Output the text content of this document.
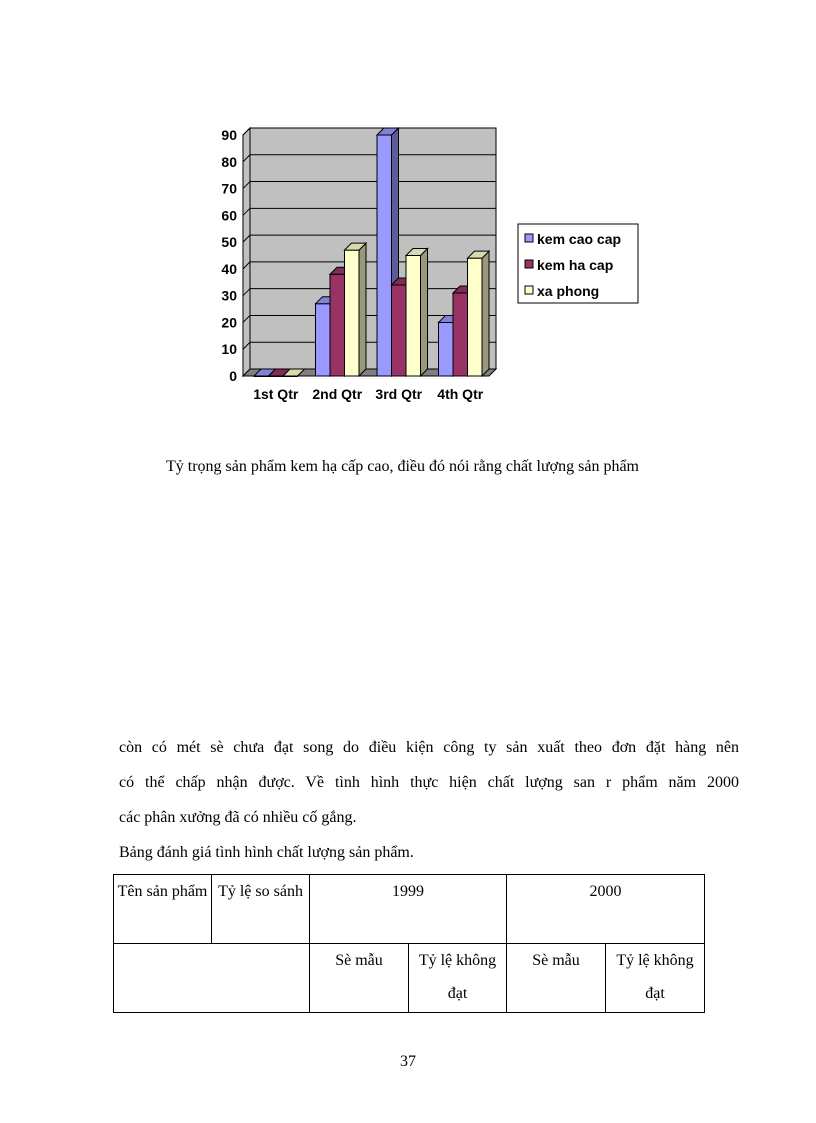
0
10
20
30
40
50
60
70
80
90
1st Qtr 2nd Qtr 3rd Qtr 4th Qtr
kem cao cap
kem ha cap
xa phong
Tỷ trọng sản phẩm kem hạ cấp cao, điều đó nói rằng chất lượng sản phẩm
còn có mét sè chưa đạt song do điều kiện công ty sản xuất theo đơn đặt hàng nên
có thể chấp nhận được. Về tình hình thực hiện chất lượng san r phẩm năm 2000
các phân xưởng đã có nhiều cố gắng.
Bảng đánh giá tình hình chất lượng sản phẩm.
Tên sản phẩm	Tỷ lệ so sánh	1999		2000	
		Sè mẫu	Tỷ lệ không đạt	Sè mẫu	Tỷ lệ không đạt
37
